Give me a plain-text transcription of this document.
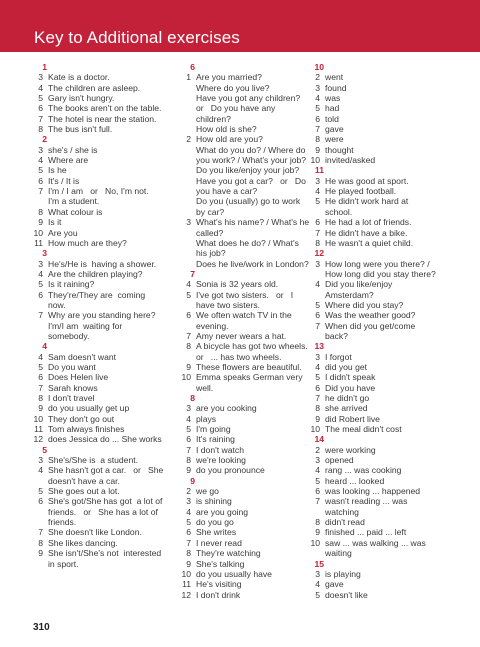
Key to Additional exercises
1
3 Kate is a doctor.
4 The children are asleep.
5 Gary isn't hungry.
6 The books aren't on the table.
7 The hotel is near the station.
8 The bus isn't full.
2
3 she's / she is
4 Where are
5 Is he
6 It's / It is
7 I'm / I am   or   No, I'm not.
I'm a student.
8 What colour is
9 Is it
10 Are you
11 How much are they?
3
3 He's/He is  having a shower.
4 Are the children playing?
5 Is it raining?
6 They're/They are  coming
now.
7 Why are you standing here?
I'm/I am  waiting for
somebody.
4
4 Sam doesn't want
5 Do you want
6 Does Helen live
7 Sarah knows
8 I don't travel
9 do you usually get up
10 They don't go out
11 Tom always finishes
12 does Jessica do ... She works
5
3 She's/She is  a student.
4 She hasn't got a car.   or   She
doesn't have a car.
5 She goes out a lot.
6 She's got/She has got  a lot of
friends.   or   She has a lot of
friends.
7 She doesn't like London.
8 She likes dancing.
9 She isn't/She's not  interested
in sport.
6
1 Are you married?
Where do you live?
Have you got any children?
or   Do you have any
children?
How old is she?
2 How old are you?
What do you do? / Where do
you work? / What's your job?
Do you like/enjoy your job?
Have you got a car?   or   Do
you have a car?
Do you (usually) go to work
by car?
3 What's his name? / What's he
called?
What does he do? / What's
his job?
Does he live/work in London?
7
4 Sonia is 32 years old.
5 I've got two sisters.   or   I
have two sisters.
6 We often watch TV in the
evening.
7 Amy never wears a hat.
8 A bicycle has got two wheels.
or   ... has two wheels.
9 These flowers are beautiful.
10 Emma speaks German very
well.
8
3 are you cooking
4 plays
5 I'm going
6 It's raining
7 I don't watch
8 we're looking
9 do you pronounce
9
2 we go
3 is shining
4 are you going
5 do you go
6 She writes
7 I never read
8 They're watching
9 She's talking
10 do you usually have
11 He's visiting
12 I don't drink
10
2 went
3 found
4 was
5 had
6 told
7 gave
8 were
9 thought
10 invited/asked
11
3 He was good at sport.
4 He played football.
5 He didn't work hard at
school.
6 He had a lot of friends.
7 He didn't have a bike.
8 He wasn't a quiet child.
12
3 How long were you there? /
How long did you stay there?
4 Did you like/enjoy
Amsterdam?
5 Where did you stay?
6 Was the weather good?
7 When did you get/come
back?
13
3 I forgot
4 did you get
5 I didn't speak
6 Did you have
7 he didn't go
8 she arrived
9 did Robert live
10 The meal didn't cost
14
2 were working
3 opened
4 rang ... was cooking
5 heard ... looked
6 was looking ... happened
7 wasn't reading ... was
watching
8 didn't read
9 finished ... paid ... left
10 saw ... was walking ... was
waiting
15
3 is playing
4 gave
5 doesn't like
310
